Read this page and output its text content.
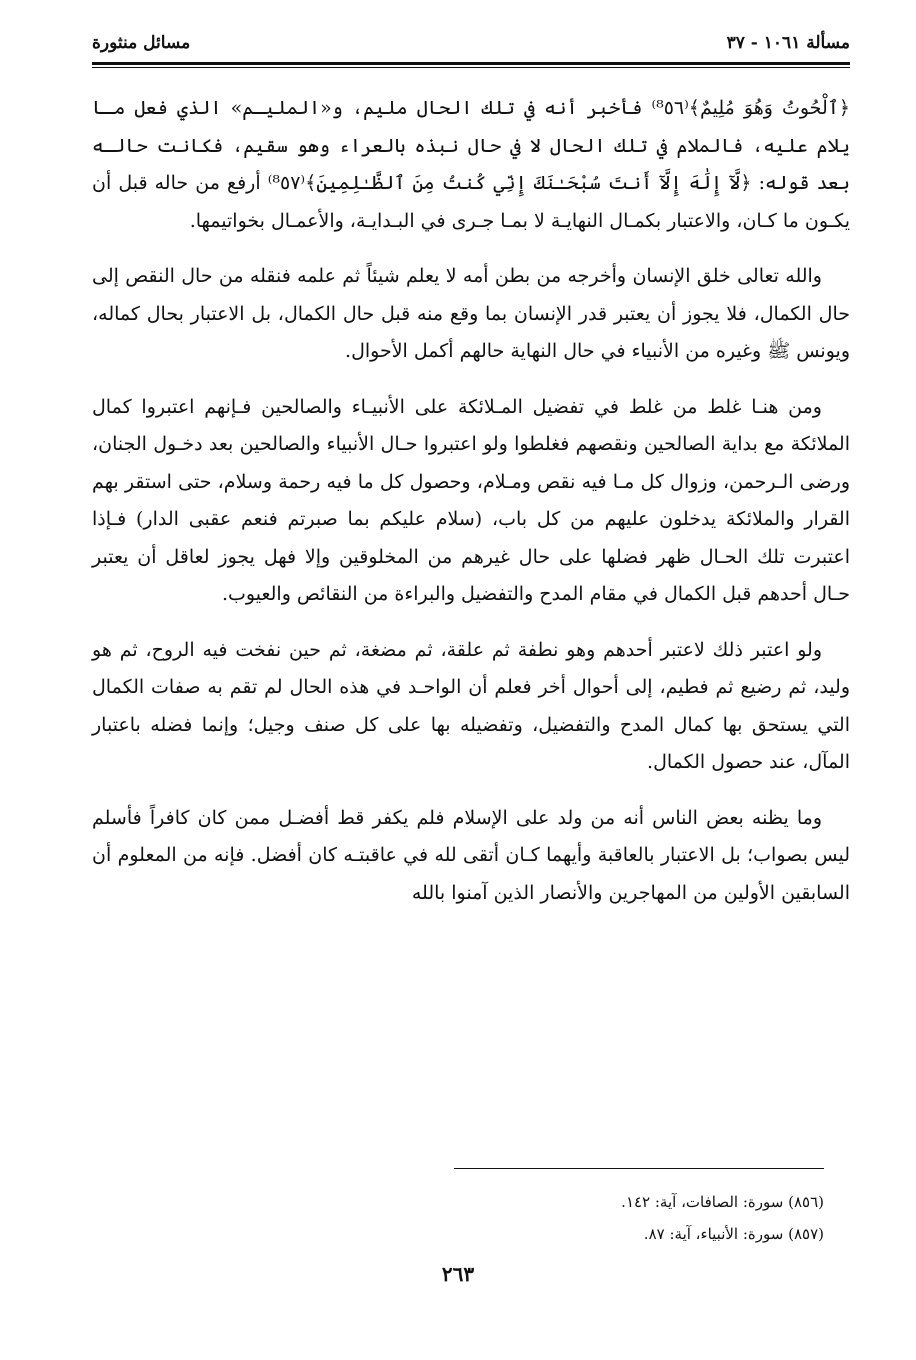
مسألة ١٠٦١ - ٣٧
مسائل منثورة

﴿ٱلْحُوتُ وَهُوَ مُلِيمٌ﴾⁽⁸٥٦⁾ فأخبر أنه في تلك الحال مليم، و«المليـم» الذي فعل مـا يلام عليه، فالملام في تلك الحال لا في حال نبذه بالعراء وهو سقيم، فكانت حالـه بعد قوله: ﴿لَّآ إِلَٰهَ إِلَّآ أَنتَ سُبْحَـٰنَكَ إِنِّي كُنتُ مِنَ ٱلظَّـٰلِمِينَ﴾⁽⁸٥٧⁾ أرفع من حاله قبل أن يكـون ما كـان، والاعتبار بكمـال النهايـة لا بمـا جـرى في البـدايـة، والأعمـال بخواتيمها.

والله تعالى خلق الإنسان وأخرجه من بطن أمه لا يعلم شيئاً ثم علمه فنقله من حال النقص إلى حال الكمال، فلا يجوز أن يعتبر قدر الإنسان بما وقع منه قبل حال الكمال، بل الاعتبار بحال كماله، ويونس ﷺ وغيره من الأنبياء في حال النهاية حالهم أكمل الأحوال.

ومن هنـا غلط من غلط في تفضيل المـلائكة على الأنبيـاء والصالحين فـإنهم اعتبروا كمال الملائكة مع بداية الصالحين ونقصهم فغلطوا ولو اعتبروا حـال الأنبياء والصالحين بعد دخـول الجنان، ورضى الـرحمن، وزوال كل مـا فيه نقص ومـلام، وحصول كل ما فيه رحمة وسلام، حتى استقر بهم القرار والملائكة يدخلون عليهم من كل باب، (سلام عليكم بما صبرتم فنعم عقبى الدار) فـإذا اعتبرت تلك الحـال ظهر فضلها على حال غيرهم من المخلوقين وإلا فهل يجوز لعاقل أن يعتبر حـال أحدهم قبل الكمال في مقام المدح والتفضيل والبراءة من النقائص والعيوب.

ولو اعتبر ذلك لاعتبر أحدهم وهو نطفة ثم علقة، ثم مضغة، ثم حين نفخت فيه الروح، ثم هو وليد، ثم رضيع ثم فطيم، إلى أحوال أخر فعلم أن الواحـد في هذه الحال لم تقم به صفات الكمال التي يستحق بها كمال المدح والتفضيل، وتفضيله بها على كل صنف وجيل؛ وإنما فضله باعتبار المآل، عند حصول الكمال.

وما يظنه بعض الناس أنه من ولد على الإسلام فلم يكفر قط أفضـل ممن كان كافراً فأسلم ليس بصواب؛ بل الاعتبار بالعاقبة وأيهما كـان أتقى لله في عاقبتـه كان أفضل. فإنه من المعلوم أن السابقين الأولين من المهاجرين والأنصار الذين آمنوا بالله

(٨٥٦) سورة: الصافات، آية: ١٤٢.
(٨٥٧) سورة: الأنبياء، آية: ٨٧.
٢٦٣
